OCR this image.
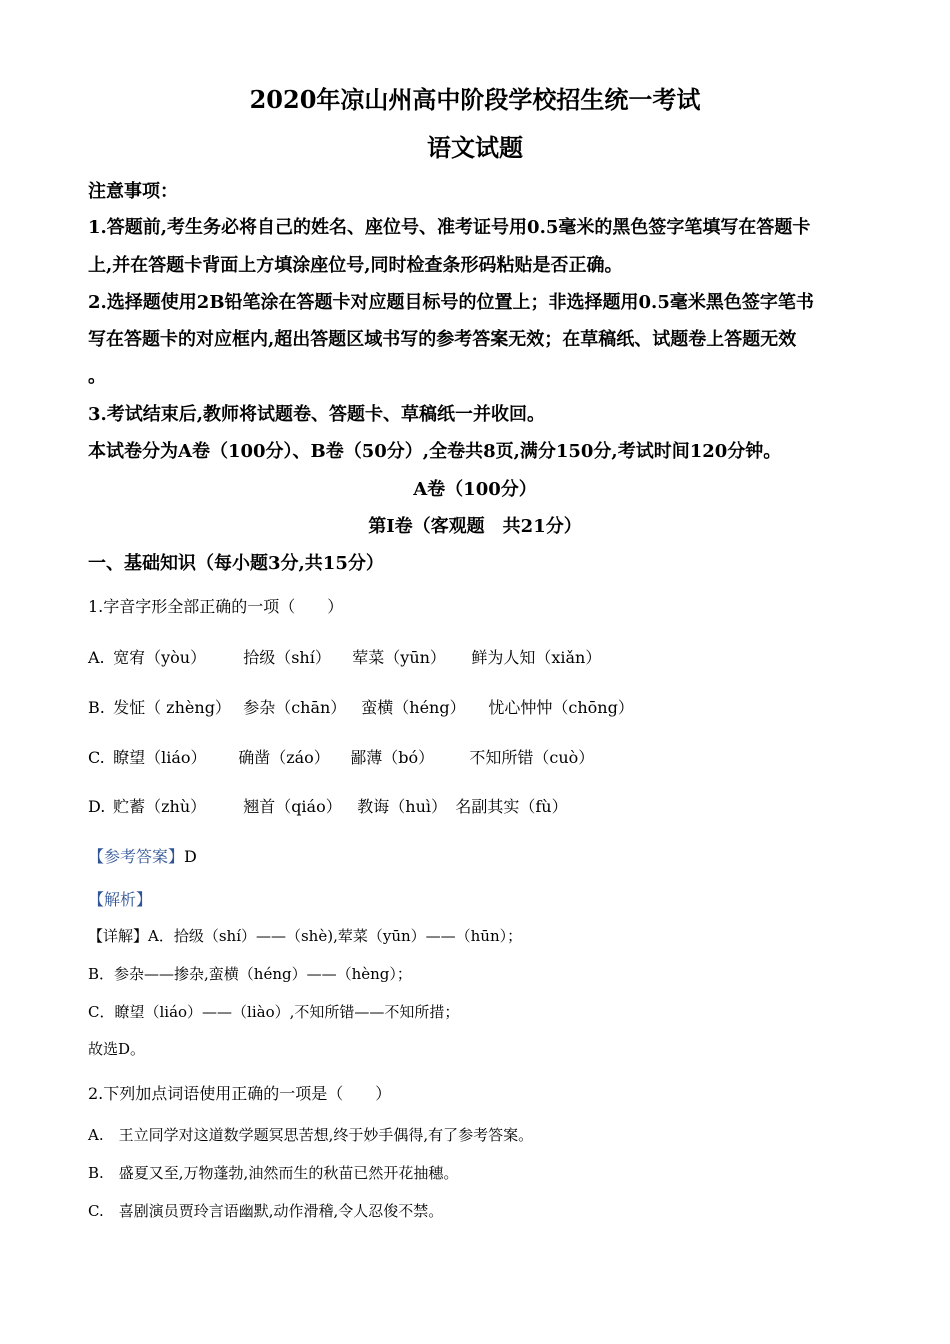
2020年凉山州高中阶段学校招生统一考试
语文试题
注意事项：
1.答题前,考生务必将自己的姓名、座位号、准考证号用0.5毫米的黑色签字笔填写在答题卡
上,并在答题卡背面上方填涂座位号,同时检查条形码粘贴是否正确。
2.选择题使用2B铅笔涂在答题卡对应题目标号的位置上；非选择题用0.5毫米黑色签字笔书
写在答题卡的对应框内,超出答题区域书写的参考答案无效；在草稿纸、试题卷上答题无效
。
3.考试结束后,教师将试题卷、答题卡、草稿纸一并收回。
本试卷分为A卷（100分）、B卷（50分）,全卷共8页,满分150分,考试时间120分钟。
A卷（100分）
第Ⅰ卷（客观题　共21分）
一、基础知识（每小题3分,共15分）
1.字音字形全部正确的一项（　　）
A. 宽宥（yòu） 拾级（shí） 荤菜（yūn） 鲜为人知（xiǎn）
B. 发怔（ zhèng） 参杂（chān） 蛮横（héng） 忧心忡忡（chōng）
C. 瞭望（liáo） 确凿（záo） 鄙薄（bó） 不知所错（cuò）
D. 贮蓄（zhù） 翘首（qiáo） 教诲（huì） 名副其实（fù）
【参考答案】D
【解析】
【详解】A．拾级（shí）——（shè),荤菜（yūn）——（hūn）；
B．参杂——掺杂,蛮横（héng）——（hèng）；
C．瞭望（liáo）——（liào）,不知所错——不知所措；
故选D。
2.下列加点词语使用正确的一项是（　　）
A.　王立同学对这道数学题冥思苦想,终于妙手偶得,有了参考答案。
B.　盛夏又至,万物蓬勃,油然而生的秋苗已然开花抽穗。
C.　喜剧演员贾玲言语幽默,动作滑稽,令人忍俊不禁。
